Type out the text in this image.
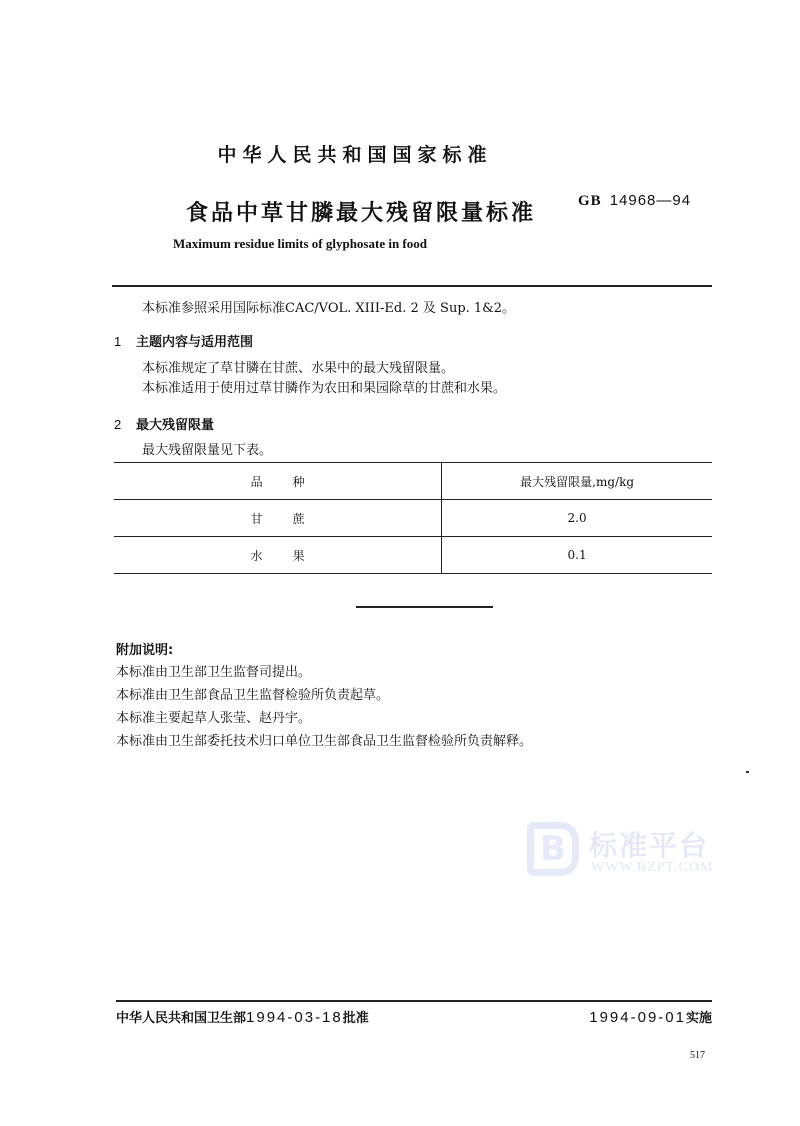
中华人民共和国国家标准
食品中草甘膦最大残留限量标准	GB 14968—94
Maximum residue limits of glyphosate in food
本标准参照采用国际标准CAC/VOL. XIII-Ed. 2 及 Sup. 1&2。
1 主题内容与适用范围
本标准规定了草甘膦在甘蔗、水果中的最大残留限量。
本标准适用于使用过草甘膦作为农田和果园除草的甘蔗和水果。
2 最大残留限量
最大残留限量见下表。
品种	最大残留限量,mg/kg
甘蔗	2.0
水果	0.1
附加说明:
本标准由卫生部卫生监督司提出。
本标准由卫生部食品卫生监督检验所负责起草。
本标准主要起草人张莹、赵丹宇。
本标准由卫生部委托技术归口单位卫生部食品卫生监督检验所负责解释。
B 标准平台
WWW.BZPT.COM
中华人民共和国卫生部1994-03-18批准	1994-09-01实施
517
